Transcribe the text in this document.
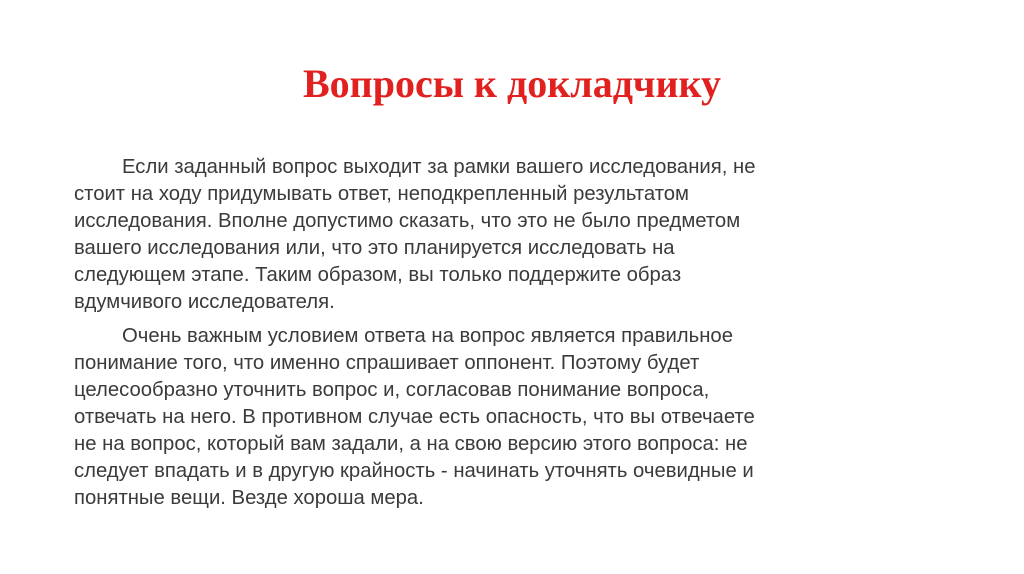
Вопросы к докладчику

Если заданный вопрос выходит за рамки вашего исследования, не
стоит на ходу придумывать ответ, неподкрепленный результатом
исследования. Вполне допустимо сказать, что это не было предметом
вашего исследования или, что это планируется исследовать на
следующем этапе. Таким образом, вы только поддержите образ
вдумчивого исследователя.

Очень важным условием ответа на вопрос является правильное
понимание того, что именно спрашивает оппонент. Поэтому будет
целесообразно уточнить вопрос и, согласовав понимание вопроса,
отвечать на него. В противном случае есть опасность, что вы отвечаете
не на вопрос, который вам задали, а на свою версию этого вопроса: не
следует впадать и в другую крайность - начинать уточнять очевидные и
понятные вещи. Везде хороша мера.
